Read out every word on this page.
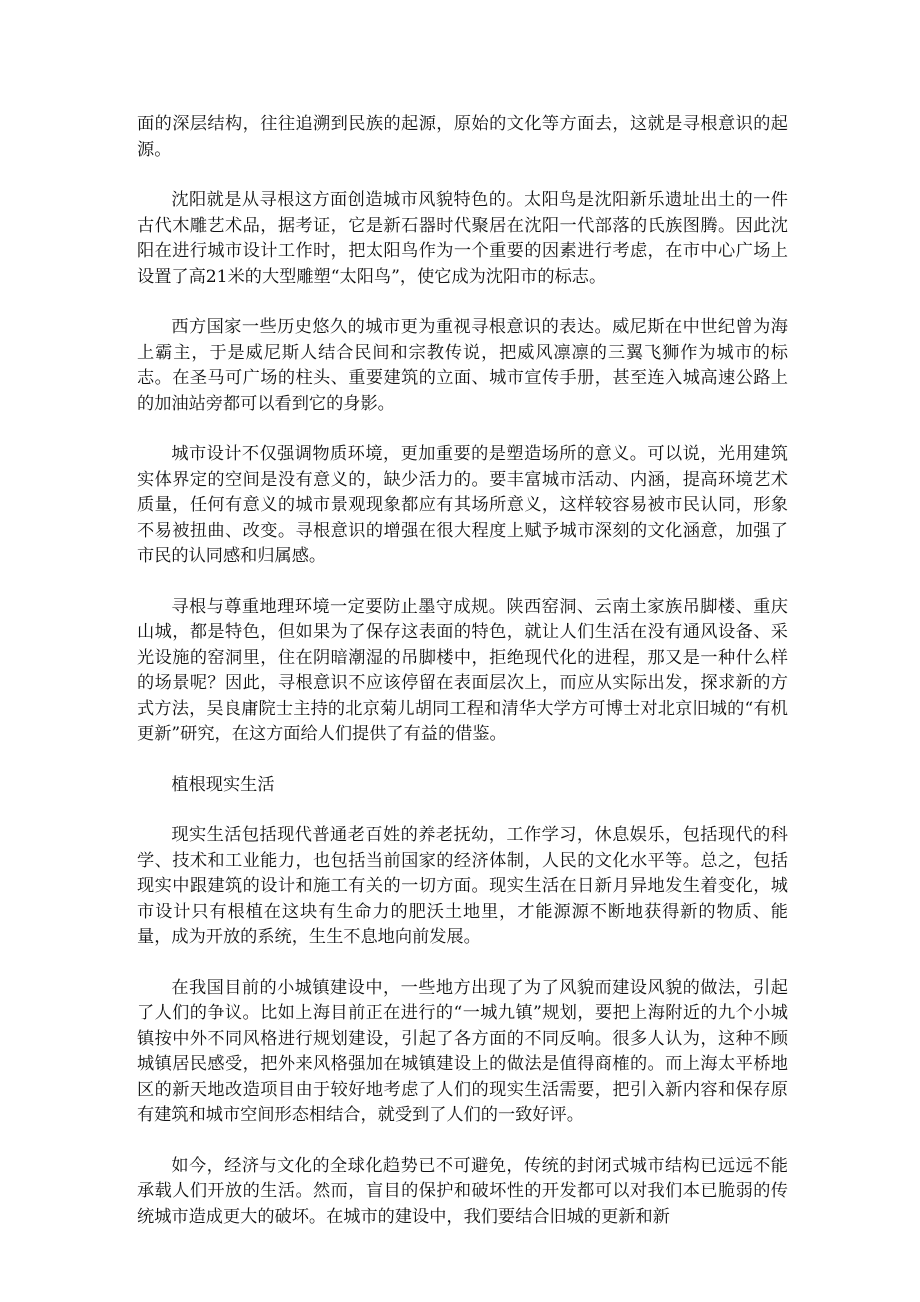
面的深层结构，往往追溯到民族的起源，原始的文化等方面去，这就是寻根意识的起源。

沈阳就是从寻根这方面创造城市风貌特色的。太阳鸟是沈阳新乐遗址出土的一件古代木雕艺术品，据考证，它是新石器时代聚居在沈阳一代部落的氏族图腾。因此沈阳在进行城市设计工作时，把太阳鸟作为一个重要的因素进行考虑，在市中心广场上设置了高21米的大型雕塑“太阳鸟”，使它成为沈阳市的标志。

西方国家一些历史悠久的城市更为重视寻根意识的表达。威尼斯在中世纪曾为海上霸主，于是威尼斯人结合民间和宗教传说，把威风凛凛的三翼飞狮作为城市的标志。在圣马可广场的柱头、重要建筑的立面、城市宣传手册，甚至连入城高速公路上的加油站旁都可以看到它的身影。

城市设计不仅强调物质环境，更加重要的是塑造场所的意义。可以说，光用建筑实体界定的空间是没有意义的，缺少活力的。要丰富城市活动、内涵，提高环境艺术质量，任何有意义的城市景观现象都应有其场所意义，这样较容易被市民认同，形象不易被扭曲、改变。寻根意识的增强在很大程度上赋予城市深刻的文化涵意，加强了市民的认同感和归属感。

寻根与尊重地理环境一定要防止墨守成规。陕西窑洞、云南土家族吊脚楼、重庆山城，都是特色，但如果为了保存这表面的特色，就让人们生活在没有通风设备、采光设施的窑洞里，住在阴暗潮湿的吊脚楼中，拒绝现代化的进程，那又是一种什么样的场景呢？因此，寻根意识不应该停留在表面层次上，而应从实际出发，探求新的方式方法，吴良庸院士主持的北京菊儿胡同工程和清华大学方可博士对北京旧城的“有机更新”研究，在这方面给人们提供了有益的借鉴。

植根现实生活

现实生活包括现代普通老百姓的养老抚幼，工作学习，休息娱乐，包括现代的科学、技术和工业能力，也包括当前国家的经济体制，人民的文化水平等。总之，包括现实中跟建筑的设计和施工有关的一切方面。现实生活在日新月异地发生着变化，城市设计只有根植在这块有生命力的肥沃土地里，才能源源不断地获得新的物质、能量，成为开放的系统，生生不息地向前发展。

在我国目前的小城镇建设中，一些地方出现了为了风貌而建设风貌的做法，引起了人们的争议。比如上海目前正在进行的“一城九镇”规划，要把上海附近的九个小城镇按中外不同风格进行规划建设，引起了各方面的不同反响。很多人认为，这种不顾城镇居民感受，把外来风格强加在城镇建设上的做法是值得商榷的。而上海太平桥地区的新天地改造项目由于较好地考虑了人们的现实生活需要，把引入新内容和保存原有建筑和城市空间形态相结合，就受到了人们的一致好评。

如今，经济与文化的全球化趋势已不可避免，传统的封闭式城市结构已远远不能承载人们开放的生活。然而，盲目的保护和破坏性的开发都可以对我们本已脆弱的传统城市造成更大的破坏。在城市的建设中，我们要结合旧城的更新和新
